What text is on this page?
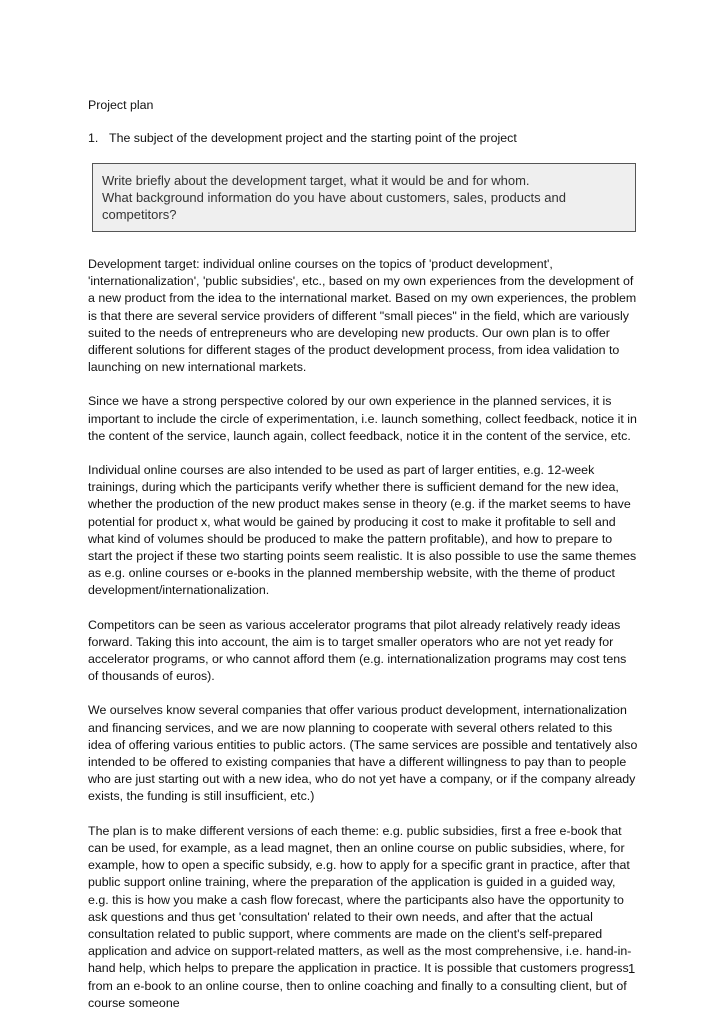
Project plan
1. The subject of the development project and the starting point of the project

Write briefly about the development target, what it would be and for whom.

What background information do you have about customers, sales, products and competitors?

Development target: individual online courses on the topics of 'product development', 'internationalization', 'public subsidies', etc., based on my own experiences from the development of a new product from the idea to the international market. Based on my own experiences, the problem is that there are several service providers of different "small pieces" in the field, which are variously suited to the needs of entrepreneurs who are developing new products. Our own plan is to offer different solutions for different stages of the product development process, from idea validation to launching on new international markets.

Since we have a strong perspective colored by our own experience in the planned services, it is important to include the circle of experimentation, i.e. launch something, collect feedback, notice it in the content of the service, launch again, collect feedback, notice it in the content of the service, etc.

Individual online courses are also intended to be used as part of larger entities, e.g. 12-week trainings, during which the participants verify whether there is sufficient demand for the new idea, whether the production of the new product makes sense in theory (e.g. if the market seems to have potential for product x, what would be gained by producing it cost to make it profitable to sell and what kind of volumes should be produced to make the pattern profitable), and how to prepare to start the project if these two starting points seem realistic. It is also possible to use the same themes as e.g. online courses or e-books in the planned membership website, with the theme of product development/internationalization.

Competitors can be seen as various accelerator programs that pilot already relatively ready ideas forward. Taking this into account, the aim is to target smaller operators who are not yet ready for accelerator programs, or who cannot afford them (e.g. internationalization programs may cost tens of thousands of euros).

We ourselves know several companies that offer various product development, internationalization and financing services, and we are now planning to cooperate with several others related to this idea of offering various entities to public actors. (The same services are possible and tentatively also intended to be offered to existing companies that have a different willingness to pay than to people who are just starting out with a new idea, who do not yet have a company, or if the company already exists, the funding is still insufficient, etc.)

The plan is to make different versions of each theme: e.g. public subsidies, first a free e-book that can be used, for example, as a lead magnet, then an online course on public subsidies, where, for example, how to open a specific subsidy, e.g. how to apply for a specific grant in practice, after that public support online training, where the preparation of the application is guided in a guided way, e.g. this is how you make a cash flow forecast, where the participants also have the opportunity to ask questions and thus get 'consultation' related to their own needs, and after that the actual consultation related to public support, where comments are made on the client's self-prepared application and advice on support-related matters, as well as the most comprehensive, i.e. hand-in-hand help, which helps to prepare the application in practice. It is possible that customers progress from an e-book to an online course, then to online coaching and finally to a consulting client, but of course someone

1
